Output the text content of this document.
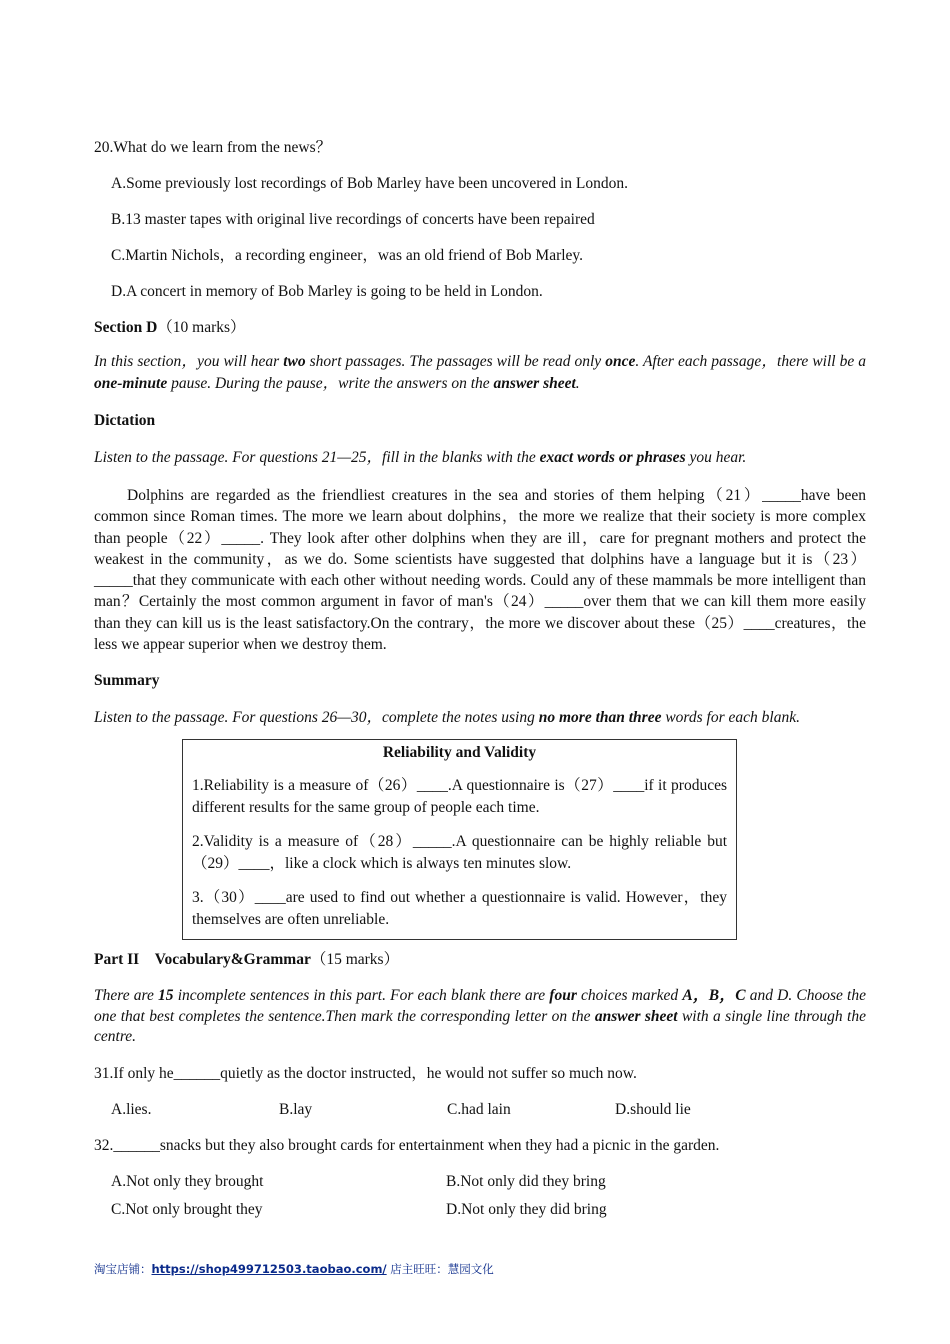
20.What do we learn from the news？

A.Some previously lost recordings of Bob Marley have been uncovered in London.

B.13 master tapes with original live recordings of concerts have been repaired

C.Martin Nichols，a recording engineer，was an old friend of Bob Marley.

D.A concert in memory of Bob Marley is going to be held in London.

Section D（10 marks）

In this section，you will hear two short passages. The passages will be read only once. After each passage，there will be a one-minute pause. During the pause，write the answers on the answer sheet.

Dictation

Listen to the passage. For questions 21—25，fill in the blanks with the exact words or phrases you hear.

Dolphins are regarded as the friendliest creatures in the sea and stories of them helping（21）_____have been common since Roman times. The more we learn about dolphins，the more we realize that their society is more complex than people（22）_____. They look after other dolphins when they are ill，care for pregnant mothers and protect the weakest in the community，as we do. Some scientists have suggested that dolphins have a language but it is（23）_____that they communicate with each other without needing words. Could any of these mammals be more intelligent than man？Certainly the most common argument in favor of man's（24）_____over them that we can kill them more easily than they can kill us is the least satisfactory.On the contrary，the more we discover about these（25）____creatures，the less we appear superior when we destroy them.

Summary

Listen to the passage. For questions 26—30，complete the notes using no more than three words for each blank.

Reliability and Validity

1.Reliability is a measure of（26）____.A questionnaire is（27）____if it produces different results for the same group of people each time.

2.Validity is a measure of（28）_____.A questionnaire can be highly reliable but（29）____，like a clock which is always ten minutes slow.

3.（30）____are used to find out whether a questionnaire is valid. However，they themselves are often unreliable.

Part II　Vocabulary&Grammar（15 marks）

There are 15 incomplete sentences in this part. For each blank there are four choices marked A，B，C and D. Choose the one that best completes the sentence.Then mark the corresponding letter on the answer sheet with a single line through the centre.

31.If only he______quietly as the doctor instructed，he would not suffer so much now.

A.lies.	B.lay	C.had lain	D.should lie

32.______snacks but they also brought cards for entertainment when they had a picnic in the garden.

A.Not only they brought	B.Not only did they bring
C.Not only brought they	D.Not only they did bring
淘宝店铺：https://shop499712503.taobao.com/ 店主旺旺：慧园文化
